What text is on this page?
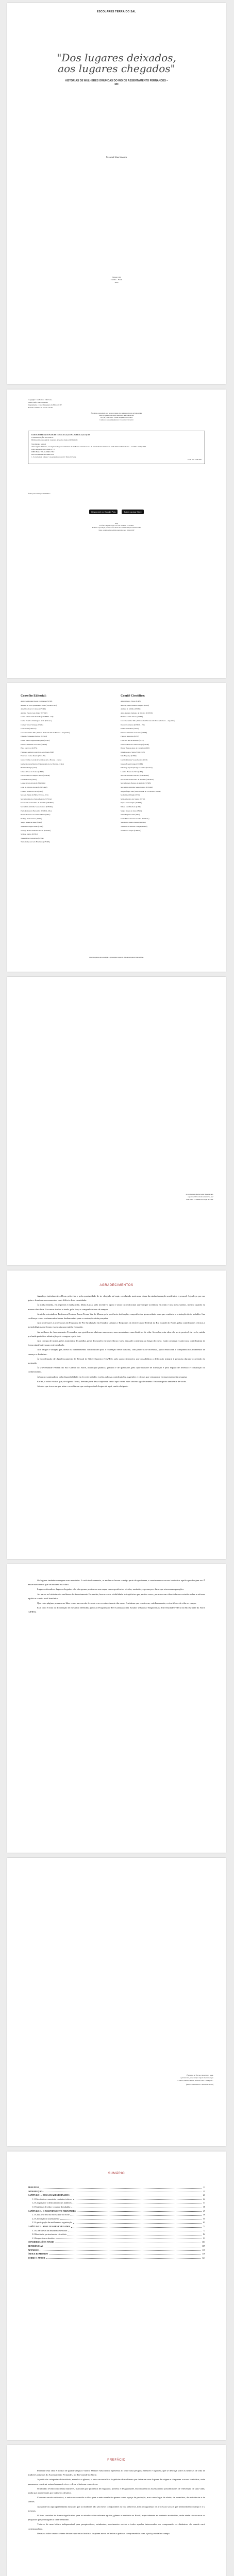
ESCOLARES TERRA DO SAL
"Dos lugares deixados, aos lugares chegados"
HISTÓRIAS DE MULHERES ORIUNDAS DO RIO DE ASSENTAMENTO FERNANDES – RN
Manoel Nascimento
Editora CRV
Curitiba – Brasil
2020
Copyright © da Editora CRV Ltda.
Editor-chefe: Railson Moura
Diagramação e Capa: Designers da Editora CRV
Revisão: Analista de Escrita e Artes
É proibida a reprodução total ou parcial desta obra sem a autorização da Editora CRV
Todos os direitos desta edição reservados pela Editora CRV
Tel.: (41) 3039-6418 - E-mail: sac@editoracrv.com.br
Conheça os nossos lançamentos: www.editoracrv.com.br
DADOS INTERNACIONAIS DE CATALOGAÇÃO NA PUBLICAÇÃO (CIP)
CATALOGAÇÃO NA FONTE
Bibliotecária responsável: Luzenira Alves dos Santos CRB9/1506
Nascimento, Manoel
"Dos lugares deixados, aos lugares chegados": histórias de mulheres oriundas do rio de assentamento Fernandes – RN / Manoel Nascimento – Curitiba : CRV, 2020.
ISBN Digital 978-65-5868-177-3
ISBN Físico 978-65-5868-178-0
DOI 10.24824/978655868178.0
1. Sociologia 2. Gênero 3. Assentamento rural I. Título II. Série.
CDU 316 CDD 305
Índice para catálogo sistemático
Disponível no Google Play	Baixe na App Store
2020
Foi feito o depósito legal conf. Lei 10.994 de 14/12/2004
Proibida a reprodução parcial ou total desta obra sem autorização da Editora CRV
Todos os direitos desta edição reservados pela: Editora CRV
Conselho Editorial:
Aldira Guimarães Duarte Domínguez (UNB)
Andréia da Silva Quintanilha Sousa (UNIR/UFRN)
Anselmo Alencar Colares (UFOPA)
Antônio Pereira Gaio Júnior (UFRRJ)
Carlos Alberto Vilar Estêvão (UMINHO – PT)
Carlos Federico Dominguez Avila (Unieuro)
Carmen Tereza Velanga (UNIR)
Celso Conti (UFSCar)
Cesar Gerónimo Tello (Univer. Nacional Três de Febrero – Argentina)
Eduardo Fernandes Barbosa (UFMG)
Elione Maria Nogueira Diogenes (UFAL)
Elizeu Clementino de Souza (UNEB)
Élsio José Corá (UFFS)
Fernando Antônio Gonçalves Alcoforado (IPB)
Francisco Carlos Duarte (PUC-PR)
Gloria Fariñas León (Universidade de La Havana – Cuba)
Guillermo Arias Beatón (Universidade de La Havana – Cuba)
Helmuth Krüger (UCP)
Jailson Alves dos Santos (UFRJ)
João Adalberto Campato Junior (UNESP)
Josania Portela (UFPI)
Leonel Severo Rocha (UNISINOS)
Lídia de Oliveira Xavier (UNIEURO)
Lourdes Helena da Silva (UFV)
Marcelo Paixão (UFRJ e UTexas – US)
Maria Cristina dos Santos Bezerra (UFSCar)
Maria de Lourdes Pinto de Almeida (UNOESC)
Maria Lília Imbiriba Sousa Colares (UFOPA)
Paulo Romualdo Hernandes (UNIFAL-MG)
Renato Francisco dos Santos Paula (UFG)
Rodrigo Pratte-Santos (UFES)
Sérgio Nunes de Jesus (IFRO)
Simone Rodrigues Pinto (UNB)
Solange Helena Ximenes-Rocha (UFOPA)
Sydione Santos (UEPG)
Tadeu Oliver Gonçalves (UFPA)
Tania Suely Azevedo Brasileiro (UFOPA)
Comitê Científico:
Altair Alberto Fávero (UPF)
Ana Chrystina Venancio Mignot (UERJ)
Andréia N. Militão (UEMS)
Anna Augusta Sampaio de Oliveira (UNESP)
Barbara Coelho Neves (UFBA)
Cesar Gerónimo Tello (Universidad Nacional de Três de Febrero – Argentina)
Diosnel Centurion (UNIDA – PY)
Eliane Rose Maio (UEM)
Elizeu Clementino de Souza (UNEB)
Fauston Negreiros (UFPI)
Francisco Ari de Andrade (UFC)
Gláucia Maria dos Santos Jorge (UFOP)
Helder Buenos Aires de Carvalho (UFPI)
Ilma Passos A. Veiga (UNICEUB)
Inês Bragança (UERJ)
José de Ribamar Sousa Pereira (UCB)
Jussara Fraga Portugal (UNEB)
Kilwangy Kya Kapitango-a-Samba (Unemat)
Lourdes Helena da Silva (UFV)
Marcos Vinicius Francisco (UNOESTE)
Maria de Lourdes Pinto de Almeida (UNOESC)
Maria Eurácia Barreto de Andrade (UFRB)
Maria Lília Imbiriba Sousa Colares (UFOPA)
Míguel Ángel Pino (Universidade de La Havana – Cuba)
Mohammed Elhajji (UFRJ)
Mônica Pereira dos Santos (UFRJ)
Najela Tavares Ujiie (UTFPR)
Nilson José Machado (USP)
Sérgio Nunes de Jesus (IFRO)
Silvia Regina Canan (URI)
Sonia Maria Ferreira Koehler (UNISAL)
Suzana dos Santos Gomes (UFMG)
Vânia Alves Martins Chaigar (FURG)
Vera Lucia Gaspar (UDESC)
Este livro passou por avaliação e aprovação às cegas de dois ou mais pareceristas ad hoc.
A minha mãe Maria Luiza Nascimento,
a quem dedico minha existência, por
todo amor e cuidado ao longo da vida.
AGRADECIMENTOS

Agradeço inicialmente a Deus, pela vida e pela oportunidade de ter chegado até aqui, concluindo mais uma etapa da minha formação acadêmica e pessoal. Agradeço, por me guiar e iluminar nos momentos mais difíceis desta caminhada.

À minha família, em especial à minha mãe, Maria Luiza, pelo incentivo, apoio e amor incondicional, que sempre acreditou em mim e nos meus sonhos, mesmo quando eu mesmo duvidava. Aos meus irmãos e irmãs, pela força e companheirismo de sempre.

À minha orientadora, Professora Doutora Joana Tereza Vaz de Moura, pela paciência, dedicação, competência e generosidade com que conduziu a orientação deste trabalho. Sua confiança e seus ensinamentos foram fundamentais para a construção desta pesquisa.

Aos professores e professoras do Programa de Pós-Graduação em Estudos Urbanos e Regionais da Universidade Federal do Rio Grande do Norte, pelas contribuições teóricas e metodológicas que foram essenciais para minha formação.

Às mulheres do Assentamento Fernandes, que gentilmente abriram suas casas, suas memórias e suas histórias de vida. Sem elas, esta obra não seria possível. A vocês, minha profunda gratidão e admiração pela coragem e pela luta.

Aos colegas de turma, pelos momentos de partilha, pelas discussões enriquecedoras e pela amizade construída ao longo do curso. Cada conversa e cada troca contribuíram de forma significativa para este resultado.

Aos amigos e amigas que, direta ou indiretamente, contribuíram para a realização deste trabalho, com palavras de incentivo, apoio emocional e companhia nos momentos de cansaço e desânimo.

À Coordenação de Aperfeiçoamento de Pessoal de Nível Superior (CAPES), pelo apoio financeiro que possibilitou a dedicação integral à pesquisa durante o período do mestrado.

À Universidade Federal do Rio Grande do Norte, instituição pública, gratuita e de qualidade, pela oportunidade de formação e pelo espaço de reflexão e construção do conhecimento.

À banca examinadora, pela disponibilidade em ler este trabalho e pelas valiosas contribuições, sugestões e críticas que certamente enriqueceram esta pesquisa.

Enfim, a todos e todas que, de alguma forma, fizeram parte desta trajetória, deixo aqui o meu mais sincero agradecimento. Esta conquista também é de vocês.

A todos que torceram por mim e acreditaram que seria possível chegar até aqui, muito obrigado.

Os lugares também carregam suas memórias. A cada deslocamento, as mulheres levam consigo parte do que foram, e constroem nos novos territórios aquilo que desejam ser. É nesse movimento que se inscreve esta obra.

Lugares deixados e lugares chegados não são apenas pontos em um mapa, mas experiências vividas, saudades, esperanças e lutas que atravessam gerações.

Ao narrar as histórias das mulheres do Assentamento Fernandes, busca-se dar visibilidade às trajetórias que, muitas vezes, permanecem silenciadas nos estudos sobre a reforma agrária e o meio rural brasileiro.

Que estas páginas possam ser lidas como um convite à escuta e ao reconhecimento das vozes femininas que constroem, cotidianamente, os territórios da vida no campo.

Este livro é fruto da dissertação de mestrado defendida junto ao Programa de Pós-Graduação em Estudos Urbanos e Regionais da Universidade Federal do Rio Grande do Norte (UFRN).

"É preciso ter força, é preciso ter raça,
é preciso ter gana sempre. Quem traz no corpo
a marca, Maria, Maria, mistura a dor e a alegria."
(Milton Nascimento e Fernando Brant)
SUMÁRIO
PREFÁCIO	11
INTRODUÇÃO	15
CAPÍTULO 1 – DOS LUGARES DEIXADOS	23
1.1 O território e a memória: caminhos teóricos	24
1.2 A migração e o deslocamento das mulheres	31
1.3 Trajetórias de vida e o mundo do trabalho	38
CAPÍTULO 2 – O ASSENTAMENTO FERNANDES	47
2.1 A luta pela terra no Rio Grande do Norte	48
2.2 A formação do assentamento	55
2.3 A participação das mulheres na organização	62
CAPÍTULO 3 – AOS LUGARES CHEGADOS	71
3.1 As narrativas das mulheres assentadas	72
3.2 Identidade, pertencimento e território	84
3.3 Perspectivas e desafios	93
CONSIDERAÇÕES FINAIS	101
REFERÊNCIAS	107
APÊNDICE	115
ÍNDICE REMISSIVO	119
SOBRE O AUTOR	121
PREFÁCIO

Prefaciar esta obra é motivo de grande alegria e honra. Manoel Nascimento apresenta ao leitor uma pesquisa sensível e rigorosa, que se debruça sobre as histórias de vida de mulheres oriundas do Assentamento Fernandes, no Rio Grande do Norte.

A partir das categorias de território, memória e gênero, o autor reconstrói as trajetórias de mulheres que deixaram seus lugares de origem e chegaram a novos territórios, onde passaram a construir outras formas de viver e de se relacionar com a terra.

O trabalho revela como essas mulheres, marcadas por processos de migração, pobreza e desigualdade, encontraram no assentamento possibilidades de reinvenção de suas vidas, ainda que atravessadas por inúmeros desafios.

Com uma escrita cuidadosa, o autor nos convida a olhar para o meio rural não apenas como espaço de produção, mas como lugar de afetos, de memórias, de resistências e de sonhos.

As narrativas aqui apresentadas mostram que as mulheres não são meras coadjuvantes na luta pela terra, mas protagonistas de processos sociais que transformam o campo e a si mesmas.

O livro contribui de forma significativa para os estudos sobre reforma agrária, gênero e território no Brasil, especialmente no contexto nordestino, onde ainda são escassas as pesquisas que privilegiam o olhar feminino.

Trata-se de uma leitura indispensável para pesquisadores, estudantes, movimentos sociais e todos aqueles interessados em compreender as dinâmicas do mundo rural contemporâneo.

Desejo a todos uma excelente leitura e que estas histórias inspirem novas reflexões e práticas comprometidas com a justiça social no campo.
